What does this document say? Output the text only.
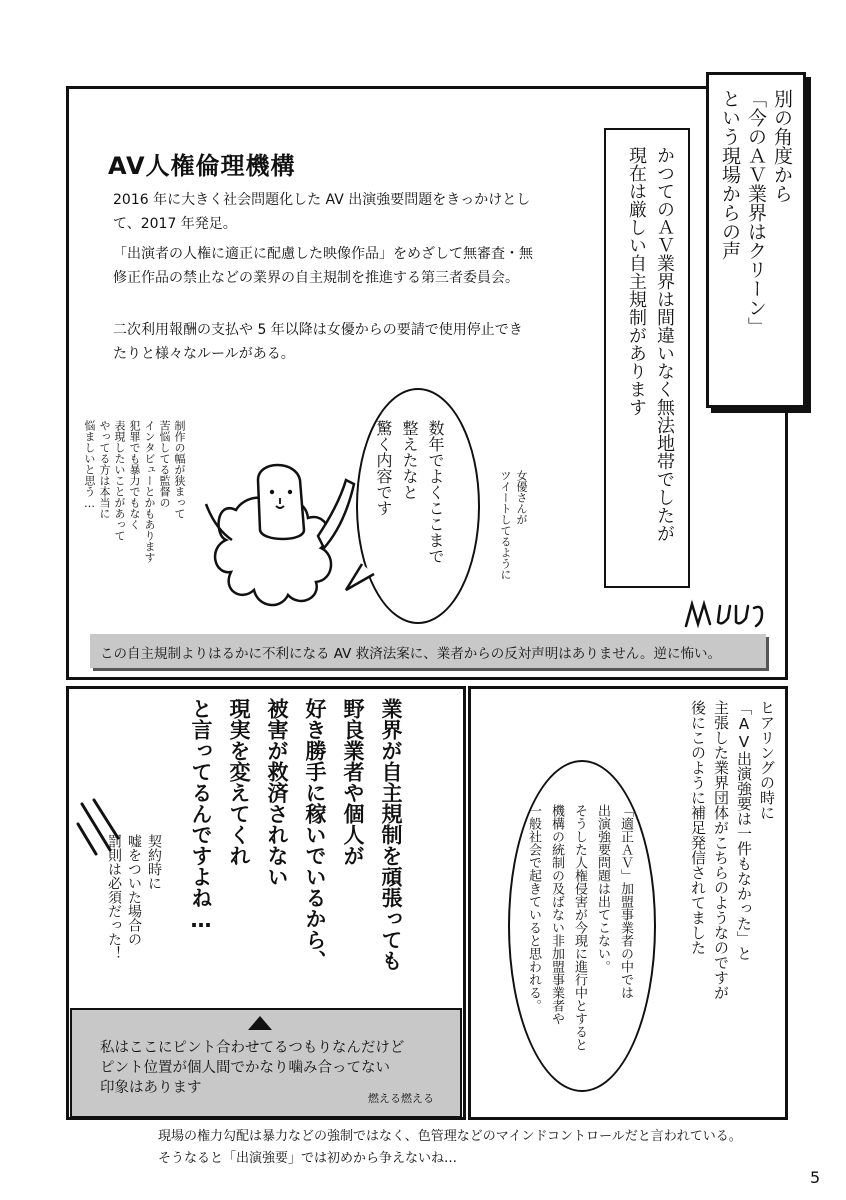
AV人権倫理機構
2016 年に大きく社会問題化した AV 出演強要問題をきっかけとし
て、2017 年発足。
「出演者の人権に適正に配慮した映像作品」をめざして無審査・無
修正作品の禁止などの業界の自主規制を推進する第三者委員会。
二次利用報酬の支払や 5 年以降は女優からの要請で使用停止でき
たりと様々なルールがある。
別の角度から
「今のＡＶ業界はクリーン」
という現場からの声
かつてのＡＶ業界は間違いなく無法地帯でしたが
現在は厳しい自主規制があります
数年でよくここまで
整えたなと
驚く内容です	女優さんが
ツイートしてるように
制作の幅が狭まって
苦悩してる監督の
インタビューとかもあります
犯罪でも暴力でもなく
表現したいことがあって
やってる方は本当に
悩ましいと思う…
この自主規制よりはるかに不利になる AV 救済法案に、業者からの反対声明はありません。逆に怖い。
業界が自主規制を頑張っても
野良業者や個人が
好き勝手に稼いでいるから、
被害が救済されない
現実を変えてくれ
と言ってるんですよね…
契約時に
嘘をついた場合の
罰則は必須だった！
私はここにピント合わせてるつもりなんだけど
ピント位置が個人間でかなり噛み合ってない
印象はあります
燃える燃える
ヒアリングの時に
「AV出演強要は一件もなかった」と
主張した業界団体がこちらのようなのですが
後にこのように補足発信されてました
「適正ＡＶ」加盟事業者の中では
出演強要問題は出てこない。
そうした人権侵害が今現に進行中とすると
機構の統制の及ばない非加盟事業者や
一般社会で起きていると思われる。
現場の権力勾配は暴力などの強制ではなく、色管理などのマインドコントロールだと言われている。
そうなると「出演強要」では初めから争えないね…
5
